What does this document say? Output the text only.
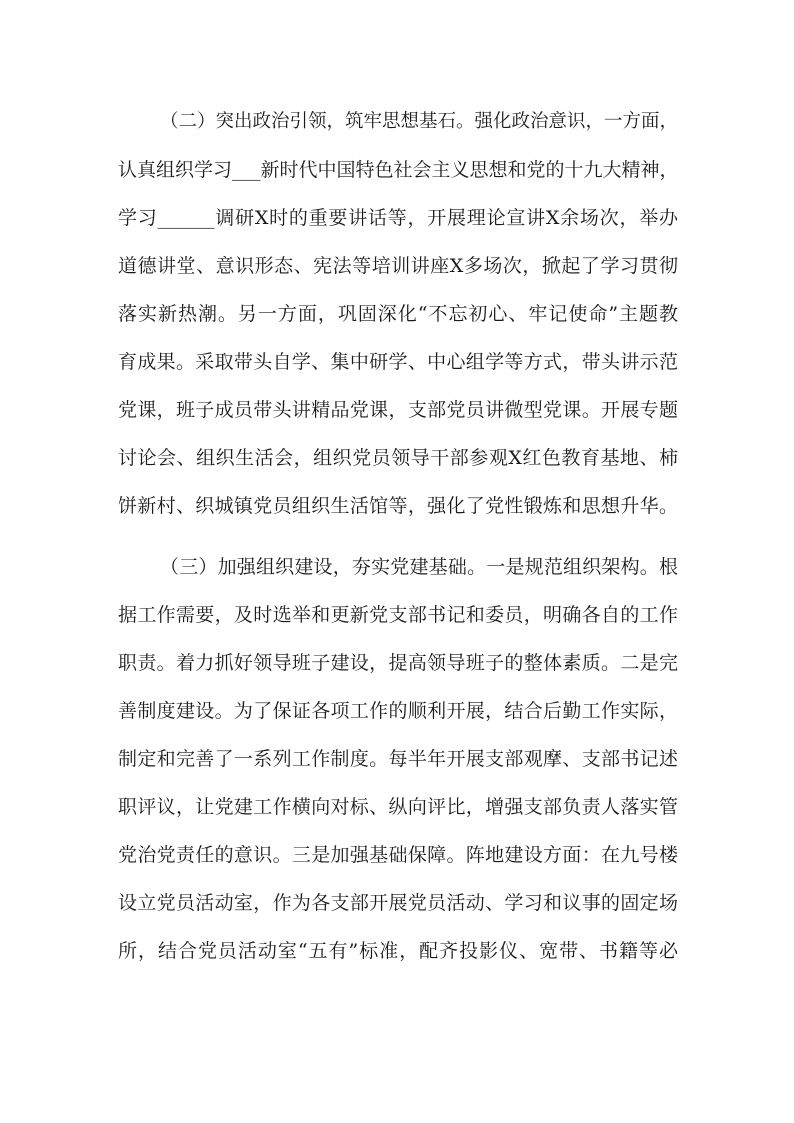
（二）突出政治引领，筑牢思想基石。强化政治意识，一方面，
认真组织学习___新时代中国特色社会主义思想和党的十九大精神，
学习______调研X时的重要讲话等，开展理论宣讲X余场次，举办
道德讲堂、意识形态、宪法等培训讲座X多场次，掀起了学习贯彻
落实新热潮。另一方面，巩固深化“不忘初心、牢记使命”主题教
育成果。采取带头自学、集中研学、中心组学等方式，带头讲示范
党课，班子成员带头讲精品党课，支部党员讲微型党课。开展专题
讨论会、组织生活会，组织党员领导干部参观X红色教育基地、柿
饼新村、织城镇党员组织生活馆等，强化了党性锻炼和思想升华。
（三）加强组织建设，夯实党建基础。一是规范组织架构。根
据工作需要，及时选举和更新党支部书记和委员，明确各自的工作
职责。着力抓好领导班子建设，提高领导班子的整体素质。二是完
善制度建设。为了保证各项工作的顺利开展，结合后勤工作实际，
制定和完善了一系列工作制度。每半年开展支部观摩、支部书记述
职评议，让党建工作横向对标、纵向评比，增强支部负责人落实管
党治党责任的意识。三是加强基础保障。阵地建设方面：在九号楼
设立党员活动室，作为各支部开展党员活动、学习和议事的固定场
所，结合党员活动室“五有”标准，配齐投影仪、宽带、书籍等必
